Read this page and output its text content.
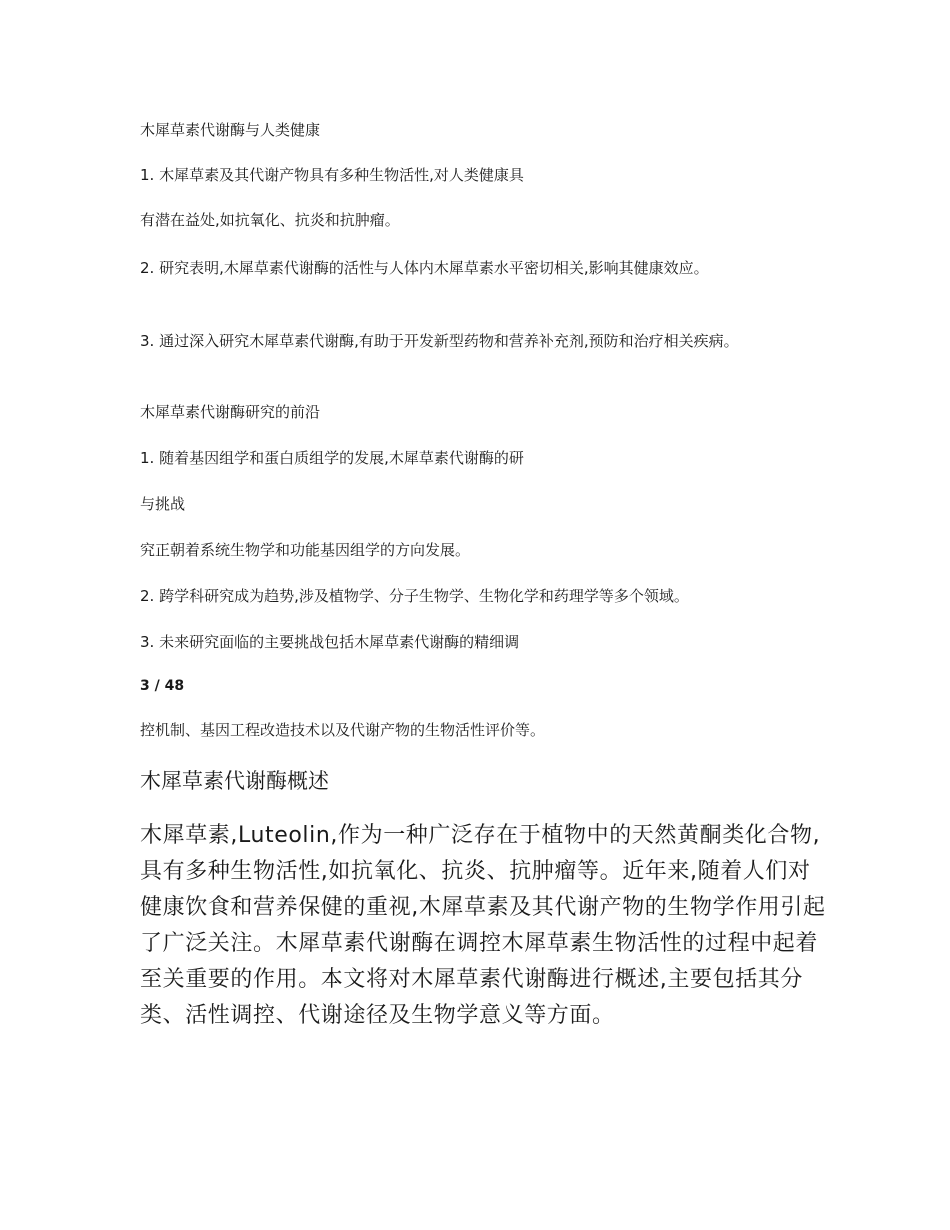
木犀草素代谢酶与人类健康

1. 木犀草素及其代谢产物具有多种生物活性,对人类健康具

有潜在益处,如抗氧化、抗炎和抗肿瘤。

2. 研究表明,木犀草素代谢酶的活性与人体内木犀草素水平密切相关,影响其健康效应。

3. 通过深入研究木犀草素代谢酶,有助于开发新型药物和营养补充剂,预防和治疗相关疾病。

木犀草素代谢酶研究的前沿

1. 随着基因组学和蛋白质组学的发展,木犀草素代谢酶的研

与挑战

究正朝着系统生物学和功能基因组学的方向发展。

2. 跨学科研究成为趋势,涉及植物学、分子生物学、生物化学和药理学等多个领域。

3. 未来研究面临的主要挑战包括木犀草素代谢酶的精细调

3 / 48

控机制、基因工程改造技术以及代谢产物的生物活性评价等。

木犀草素代谢酶概述

木犀草素,Luteolin,作为一种广泛存在于植物中的天然黄酮类化合物,具有多种生物活性,如抗氧化、抗炎、抗肿瘤等。近年来,随着人们对健康饮食和营养保健的重视,木犀草素及其代谢产物的生物学作用引起了广泛关注。木犀草素代谢酶在调控木犀草素生物活性的过程中起着至关重要的作用。本文将对木犀草素代谢酶进行概述,主要包括其分类、活性调控、代谢途径及生物学意义等方面。
